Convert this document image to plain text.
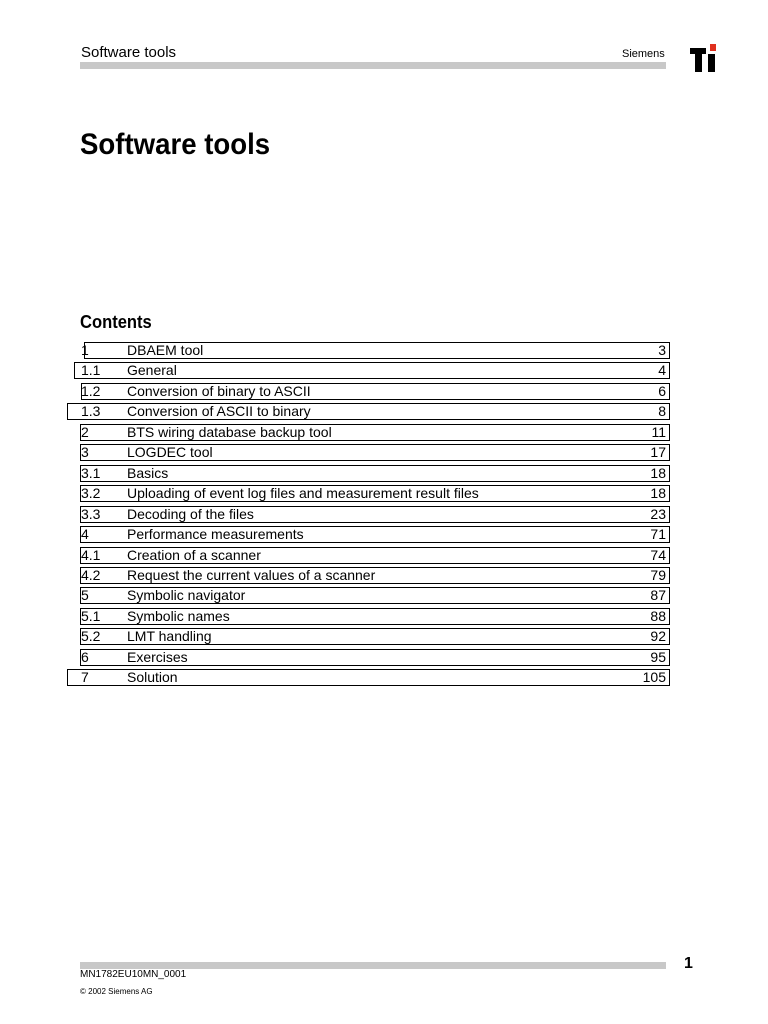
Software tools	Siemens
Software tools
Contents
1	DBAEM tool	3
1.1 General	4
1.2 Conversion of binary to ASCII	6
1.3 Conversion of ASCII to binary	8
2	BTS wiring database backup tool	11
3	LOGDEC tool	17
3.1 Basics	18
3.2 Uploading of event log files and measurement result files	18
3.3 Decoding of the files	23
4	Performance measurements	71
4.1 Creation of a scanner	74
4.2 Request the current values of a scanner	79
5	Symbolic navigator	87
5.1 Symbolic names	88
5.2 LMT handling	92
6	Exercises	95
7	Solution	105
1
MN1782EU10MN_0001
© 2002 Siemens AG
